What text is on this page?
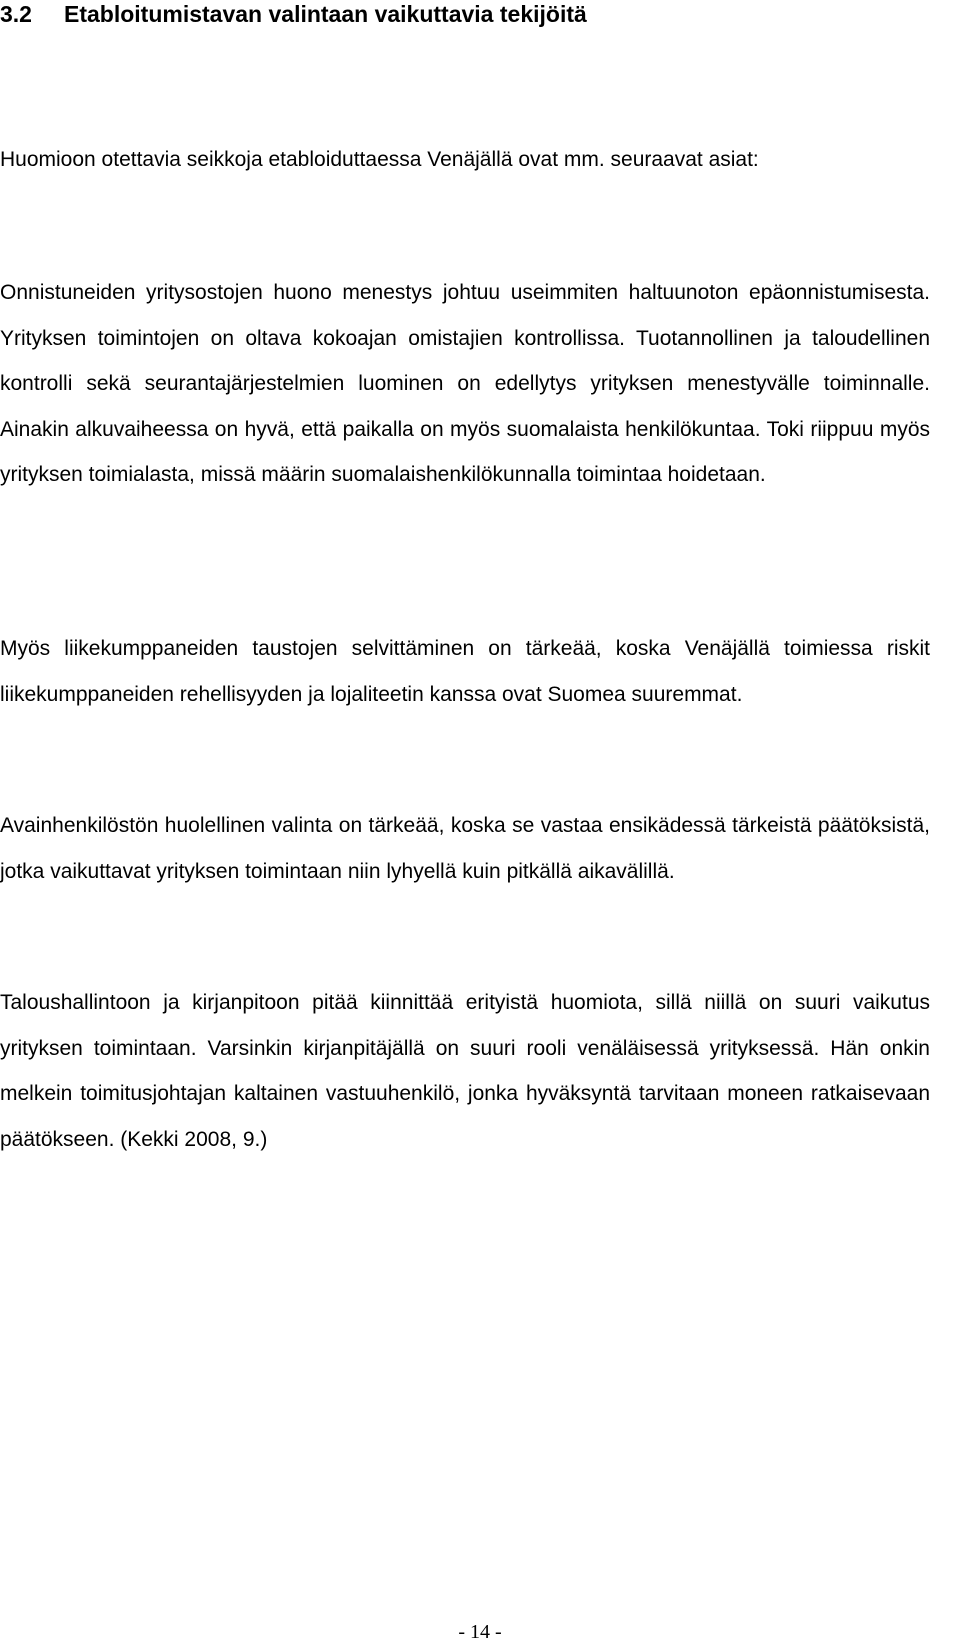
3.2 Etabloitumistavan valintaan vaikuttavia tekijöitä

Huomioon otettavia seikkoja etabloiduttaessa Venäjällä ovat mm. seuraavat asiat:

Onnistuneiden yritysostojen huono menestys johtuu useimmiten haltuunoton epäonnistumisesta. Yrityksen toimintojen on oltava kokoajan omistajien kontrollissa. Tuotannollinen ja taloudellinen kontrolli sekä seurantajärjestelmien luominen on edellytys yrityksen menestyvälle toiminnalle. Ainakin alkuvaiheessa on hyvä, että paikalla on myös suomalaista henkilökuntaa. Toki riippuu myös yrityksen toimialasta, missä määrin suomalaishenkilökunnalla toimintaa hoidetaan.

Myös liikekumppaneiden taustojen selvittäminen on tärkeää, koska Venäjällä toimiessa riskit liikekumppaneiden rehellisyyden ja lojaliteetin kanssa ovat Suomea suuremmat.

Avainhenkilöstön huolellinen valinta on tärkeää, koska se vastaa ensikädessä tärkeistä päätöksistä, jotka vaikuttavat yrityksen toimintaan niin lyhyellä kuin pitkällä aikavälillä.

Taloushallintoon ja kirjanpitoon pitää kiinnittää erityistä huomiota, sillä niillä on suuri vaikutus yrityksen toimintaan. Varsinkin kirjanpitäjällä on suuri rooli venäläisessä yrityksessä. Hän onkin melkein toimitusjohtajan kaltainen vastuuhenkilö, jonka hyväksyntä tarvitaan moneen ratkaisevaan päätökseen. (Kekki 2008, 9.)

- 14 -
